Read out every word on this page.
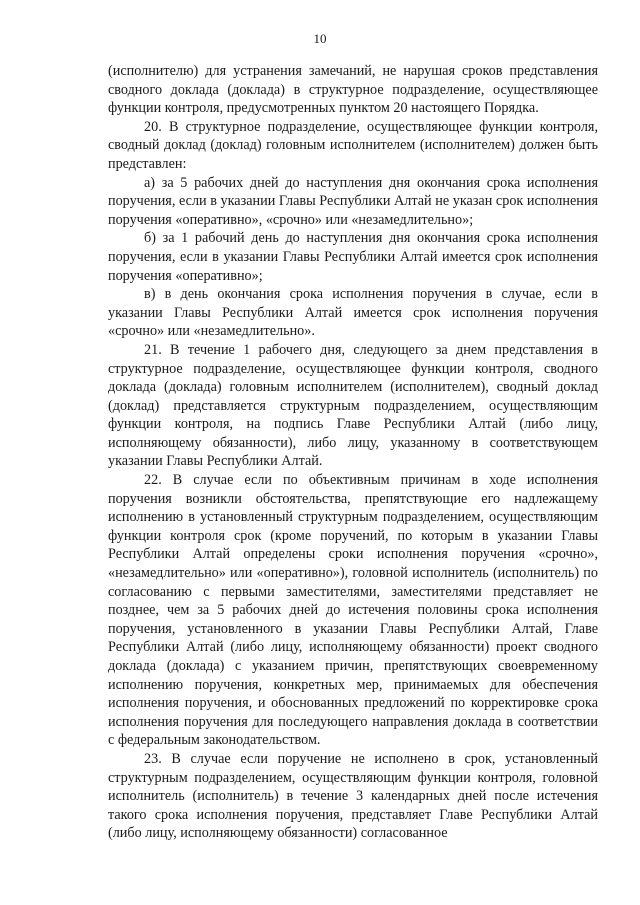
10

(исполнителю) для устранения замечаний, не нарушая сроков представления сводного доклада (доклада) в структурное подразделение, осуществляющее функции контроля, предусмотренных пунктом 20 настоящего Порядка.

20. В структурное подразделение, осуществляющее функции контроля, сводный доклад (доклад) головным исполнителем (исполнителем) должен быть представлен:

а) за 5 рабочих дней до наступления дня окончания срока исполнения поручения, если в указании Главы Республики Алтай не указан срок исполнения поручения «оперативно», «срочно» или «незамедлительно»;

б) за 1 рабочий день до наступления дня окончания срока исполнения поручения, если в указании Главы Республики Алтай имеется срок исполнения поручения «оперативно»;

в) в день окончания срока исполнения поручения в случае, если в указании Главы Республики Алтай имеется срок исполнения поручения «срочно» или «незамедлительно».

21. В течение 1 рабочего дня, следующего за днем представления в структурное подразделение, осуществляющее функции контроля, сводного доклада (доклада) головным исполнителем (исполнителем), сводный доклад (доклад) представляется структурным подразделением, осуществляющим функции контроля, на подпись Главе Республики Алтай (либо лицу, исполняющему обязанности), либо лицу, указанному в соответствующем указании Главы Республики Алтай.

22. В случае если по объективным причинам в ходе исполнения поручения возникли обстоятельства, препятствующие его надлежащему исполнению в установленный структурным подразделением, осуществляющим функции контроля срок (кроме поручений, по которым в указании Главы Республики Алтай определены сроки исполнения поручения «срочно», «незамедлительно» или «оперативно»), головной исполнитель (исполнитель) по согласованию с первыми заместителями, заместителями представляет не позднее, чем за 5 рабочих дней до истечения половины срока исполнения поручения, установленного в указании Главы Республики Алтай, Главе Республики Алтай (либо лицу, исполняющему обязанности) проект сводного доклада (доклада) с указанием причин, препятствующих своевременному исполнению поручения, конкретных мер, принимаемых для обеспечения исполнения поручения, и обоснованных предложений по корректировке срока исполнения поручения для последующего направления доклада в соответствии с федеральным законодательством.

23. В случае если поручение не исполнено в срок, установленный структурным подразделением, осуществляющим функции контроля, головной исполнитель (исполнитель) в течение 3 календарных дней после истечения такого срока исполнения поручения, представляет Главе Республики Алтай (либо лицу, исполняющему обязанности) согласованное
